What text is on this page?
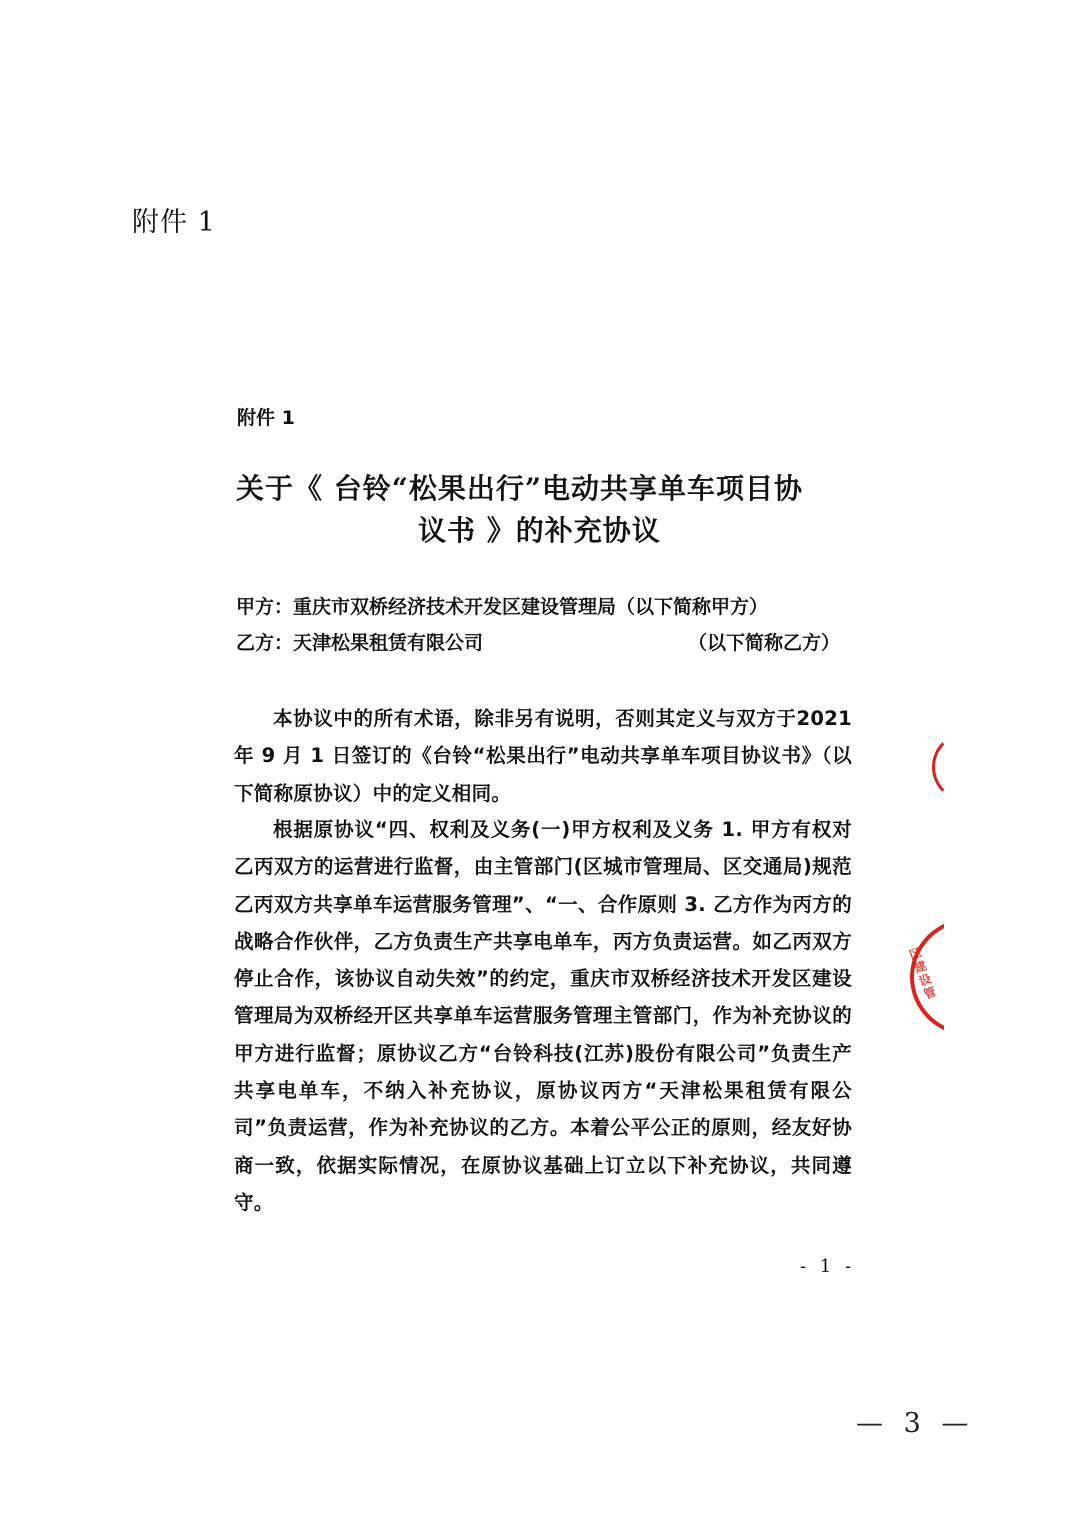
附件 1
附件 1
关于《 台铃“松果出行”电动共享单车项目协
议书 》的补充协议
甲方：重庆市双桥经济技术开发区建设管理局（以下简称甲方）
乙方：天津松果租赁有限公司	（以下简称乙方）

本协议中的所有术语，除非另有说明，否则其定义与双方于2021 年 9 月 1 日签订的《台铃“松果出行”电动共享单车项目协议书》（以下简称原协议）中的定义相同。

根据原协议“四、权利及义务(一)甲方权利及义务 1. 甲方有权对乙丙双方的运营进行监督，由主管部门(区城市管理局、区交通局)规范乙丙双方共享单车运营服务管理”、“一、合作原则 3. 乙方作为丙方的战略合作伙伴，乙方负责生产共享电单车，丙方负责运营。如乙丙双方停止合作，该协议自动失效”的约定，重庆市双桥经济技术开发区建设管理局为双桥经开区共享单车运营服务管理主管部门，作为补充协议的甲方进行监督；原协议乙方“台铃科技(江苏)股份有限公司”负责生产共享电单车，不纳入补充协议，原协议丙方“天津松果租赁有限公司”负责运营，作为补充协议的乙方。本着公平公正的原则，经友好协商一致，依据实际情况，在原协议基础上订立以下补充协议，共同遵守。

- 1 -
区
建
设
管
— 3 —
